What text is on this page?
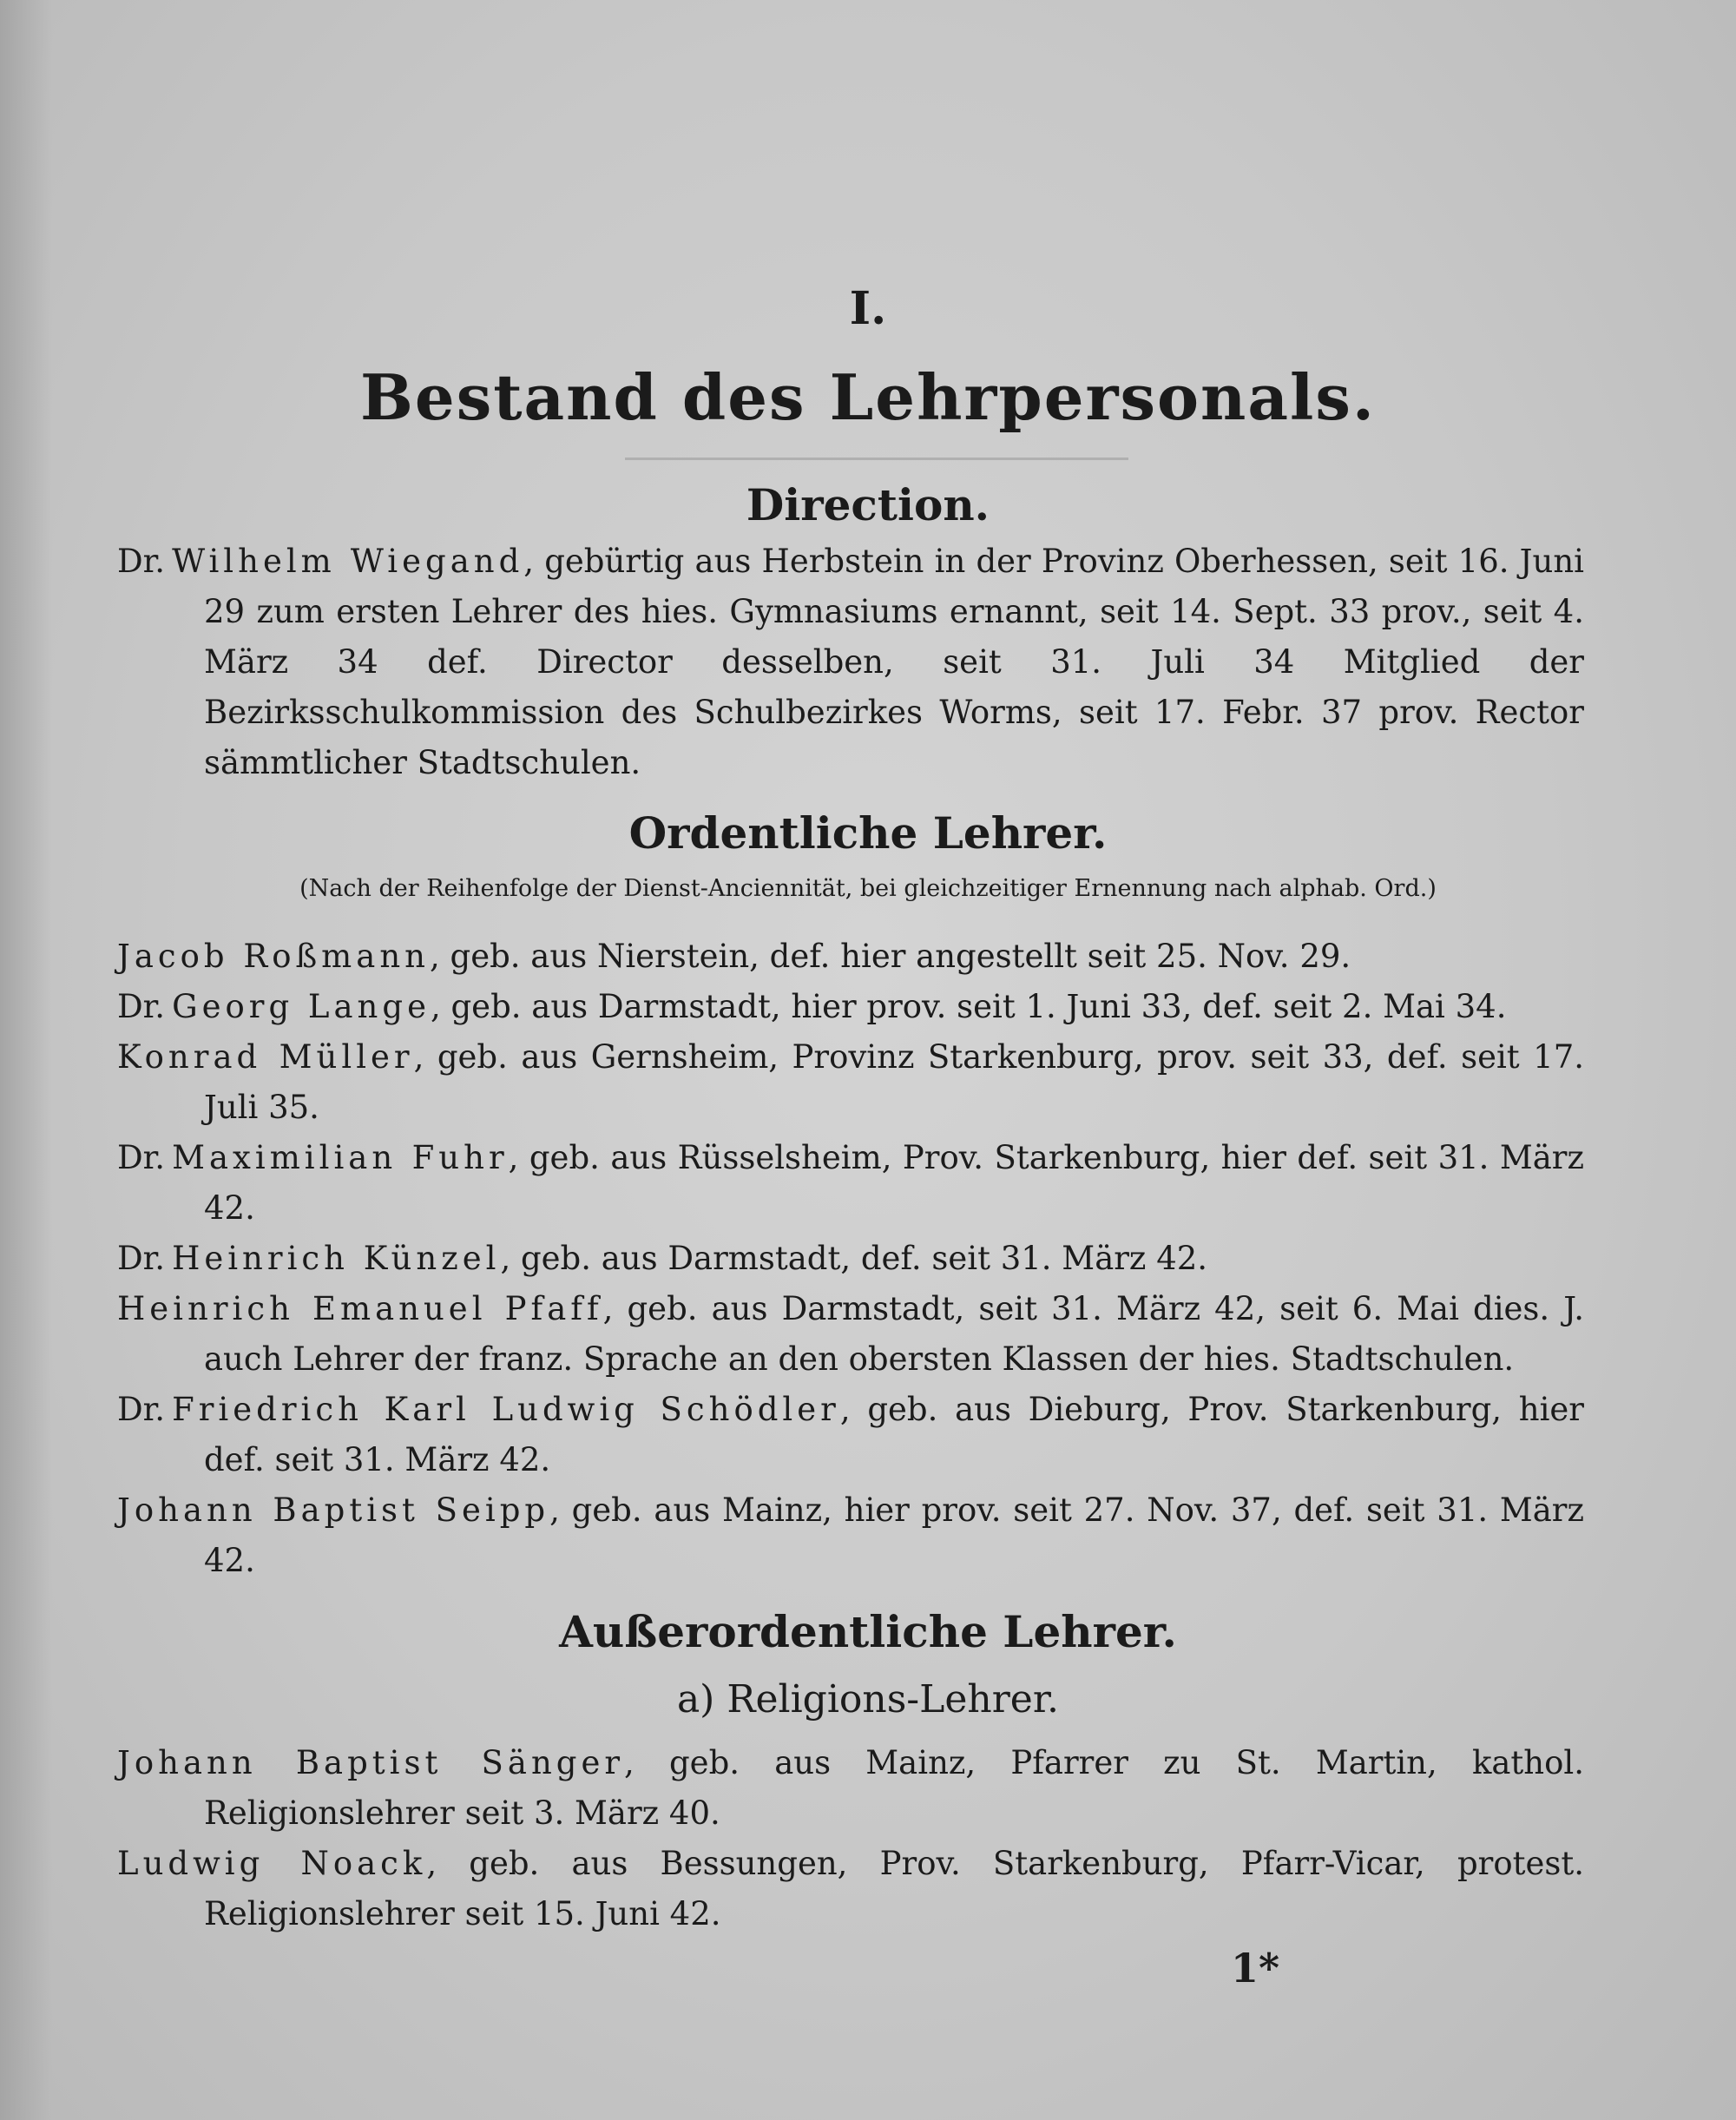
I.
Bestand des Lehrpersonals.
Direction.
Dr. Wilhelm Wiegand, gebürtig aus Herbstein in der Provinz Oberhessen, seit 16. Juni 29 zum ersten Lehrer des hies. Gymnasiums ernannt, seit 14. Sept. 33 prov., seit 4. März 34 def. Director desselben, seit 31. Juli 34 Mitglied der Bezirksschulkommission des Schulbezirkes Worms, seit 17. Febr. 37 prov. Rector sämmtlicher Stadtschulen.
Ordentliche Lehrer.
(Nach der Reihenfolge der Dienst-Anciennität, bei gleichzeitiger Ernennung nach alphab. Ord.)
Jacob Roßmann, geb. aus Nierstein, def. hier angestellt seit 25. Nov. 29.
Dr. Georg Lange, geb. aus Darmstadt, hier prov. seit 1. Juni 33, def. seit 2. Mai 34.
Konrad Müller, geb. aus Gernsheim, Provinz Starkenburg, prov. seit 33, def. seit 17. Juli 35.
Dr. Maximilian Fuhr, geb. aus Rüsselsheim, Prov. Starkenburg, hier def. seit 31. März 42.
Dr. Heinrich Künzel, geb. aus Darmstadt, def. seit 31. März 42.
Heinrich Emanuel Pfaff, geb. aus Darmstadt, seit 31. März 42, seit 6. Mai dies. J. auch Lehrer der franz. Sprache an den obersten Klassen der hies. Stadtschulen.
Dr. Friedrich Karl Ludwig Schödler, geb. aus Dieburg, Prov. Starkenburg, hier def. seit 31. März 42.
Johann Baptist Seipp, geb. aus Mainz, hier prov. seit 27. Nov. 37, def. seit 31. März 42.
Außerordentliche Lehrer.
a) Religions-Lehrer.
Johann Baptist Sänger, geb. aus Mainz, Pfarrer zu St. Martin, kathol. Religionslehrer seit 3. März 40.
Ludwig Noack, geb. aus Bessungen, Prov. Starkenburg, Pfarr-Vicar, protest. Religionslehrer seit 15. Juni 42.
1*
